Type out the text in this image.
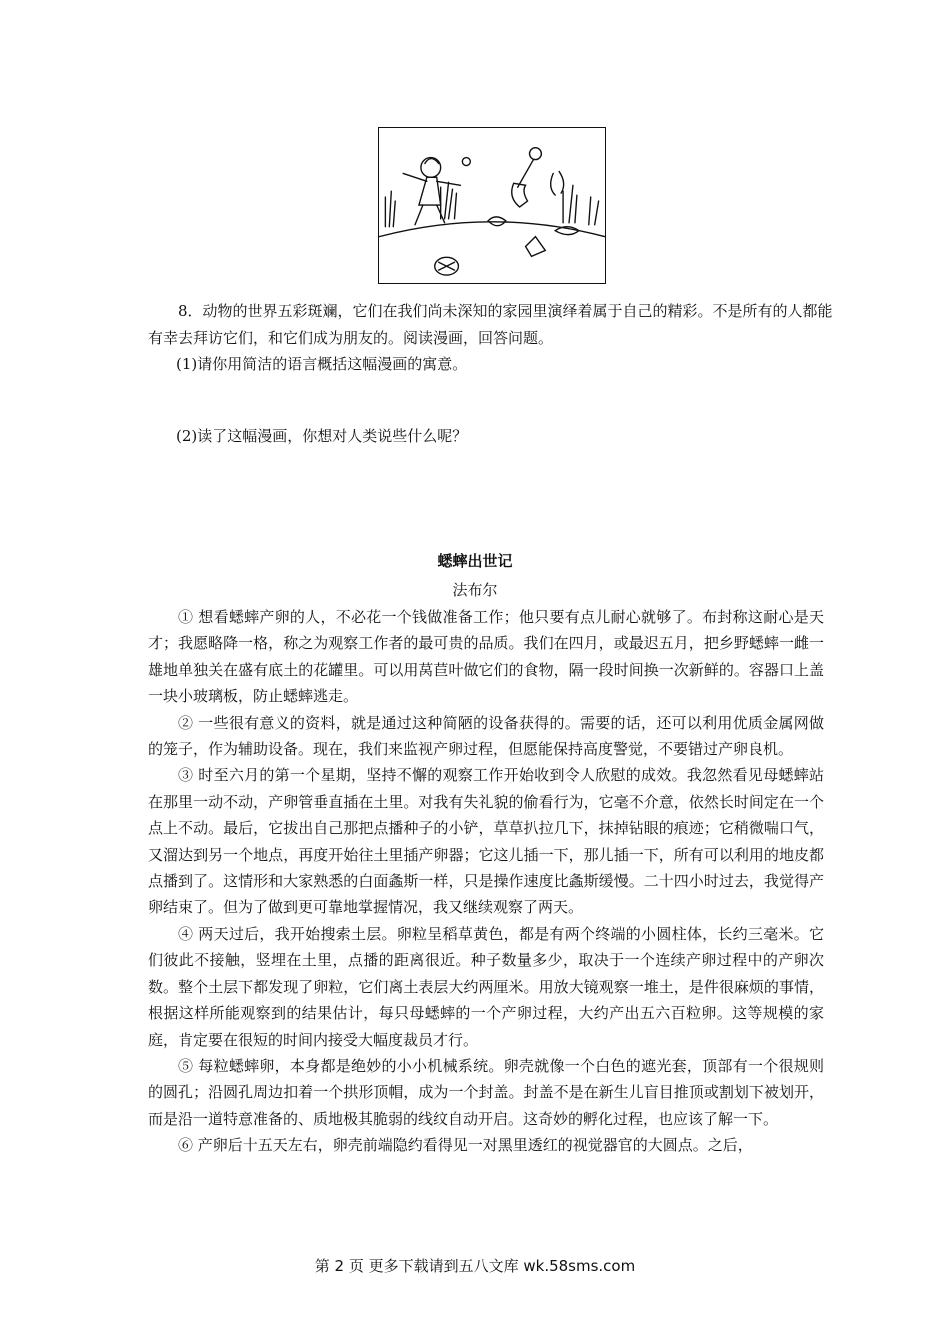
8．动物的世界五彩斑斓，它们在我们尚未深知的家园里演绎着属于自己的精彩。不是所有的人都能有幸去拜访它们，和它们成为朋友的。阅读漫画，回答问题。
(1)请你用简洁的语言概括这幅漫画的寓意。
(2)读了这幅漫画，你想对人类说些什么呢？
蟋蟀出世记
法布尔

① 想看蟋蟀产卵的人，不必花一个钱做准备工作；他只要有点儿耐心就够了。布封称这耐心是天才；我愿略降一格，称之为观察工作者的最可贵的品质。我们在四月，或最迟五月，把乡野蟋蟀一雌一雄地单独关在盛有底土的花罐里。可以用莴苣叶做它们的食物，隔一段时间换一次新鲜的。容器口上盖一块小玻璃板，防止蟋蟀逃走。

② 一些很有意义的资料，就是通过这种简陋的设备获得的。需要的话，还可以利用优质金属网做的笼子，作为辅助设备。现在，我们来监视产卵过程，但愿能保持高度警觉，不要错过产卵良机。

③ 时至六月的第一个星期，坚持不懈的观察工作开始收到令人欣慰的成效。我忽然看见母蟋蟀站在那里一动不动，产卵管垂直插在土里。对我有失礼貌的偷看行为，它毫不介意，依然长时间定在一个点上不动。最后，它拔出自己那把点播种子的小铲，草草扒拉几下，抹掉钻眼的痕迹；它稍微喘口气，又溜达到另一个地点，再度开始往土里插产卵器；它这儿插一下，那儿插一下，所有可以利用的地皮都点播到了。这情形和大家熟悉的白面螽斯一样，只是操作速度比螽斯缓慢。二十四小时过去，我觉得产卵结束了。但为了做到更可靠地掌握情况，我又继续观察了两天。

④ 两天过后，我开始搜索土层。卵粒呈稻草黄色，都是有两个终端的小圆柱体，长约三毫米。它们彼此不接触，竖埋在土里，点播的距离很近。种子数量多少，取决于一个连续产卵过程中的产卵次数。整个土层下都发现了卵粒，它们离土表层大约两厘米。用放大镜观察一堆土，是件很麻烦的事情，根据这样所能观察到的结果估计，每只母蟋蟀的一个产卵过程，大约产出五六百粒卵。这等规模的家庭，肯定要在很短的时间内接受大幅度裁员才行。

⑤ 每粒蟋蟀卵，本身都是绝妙的小小机械系统。卵壳就像一个白色的遮光套，顶部有一个很规则的圆孔；沿圆孔周边扣着一个拱形顶帽，成为一个封盖。封盖不是在新生儿盲目推顶或割划下被划开，而是沿一道特意准备的、质地极其脆弱的线纹自动开启。这奇妙的孵化过程，也应该了解一下。

⑥ 产卵后十五天左右，卵壳前端隐约看得见一对黑里透红的视觉器官的大圆点。之后，

第 2 页 更多下载请到五八文库 wk.58sms.com
